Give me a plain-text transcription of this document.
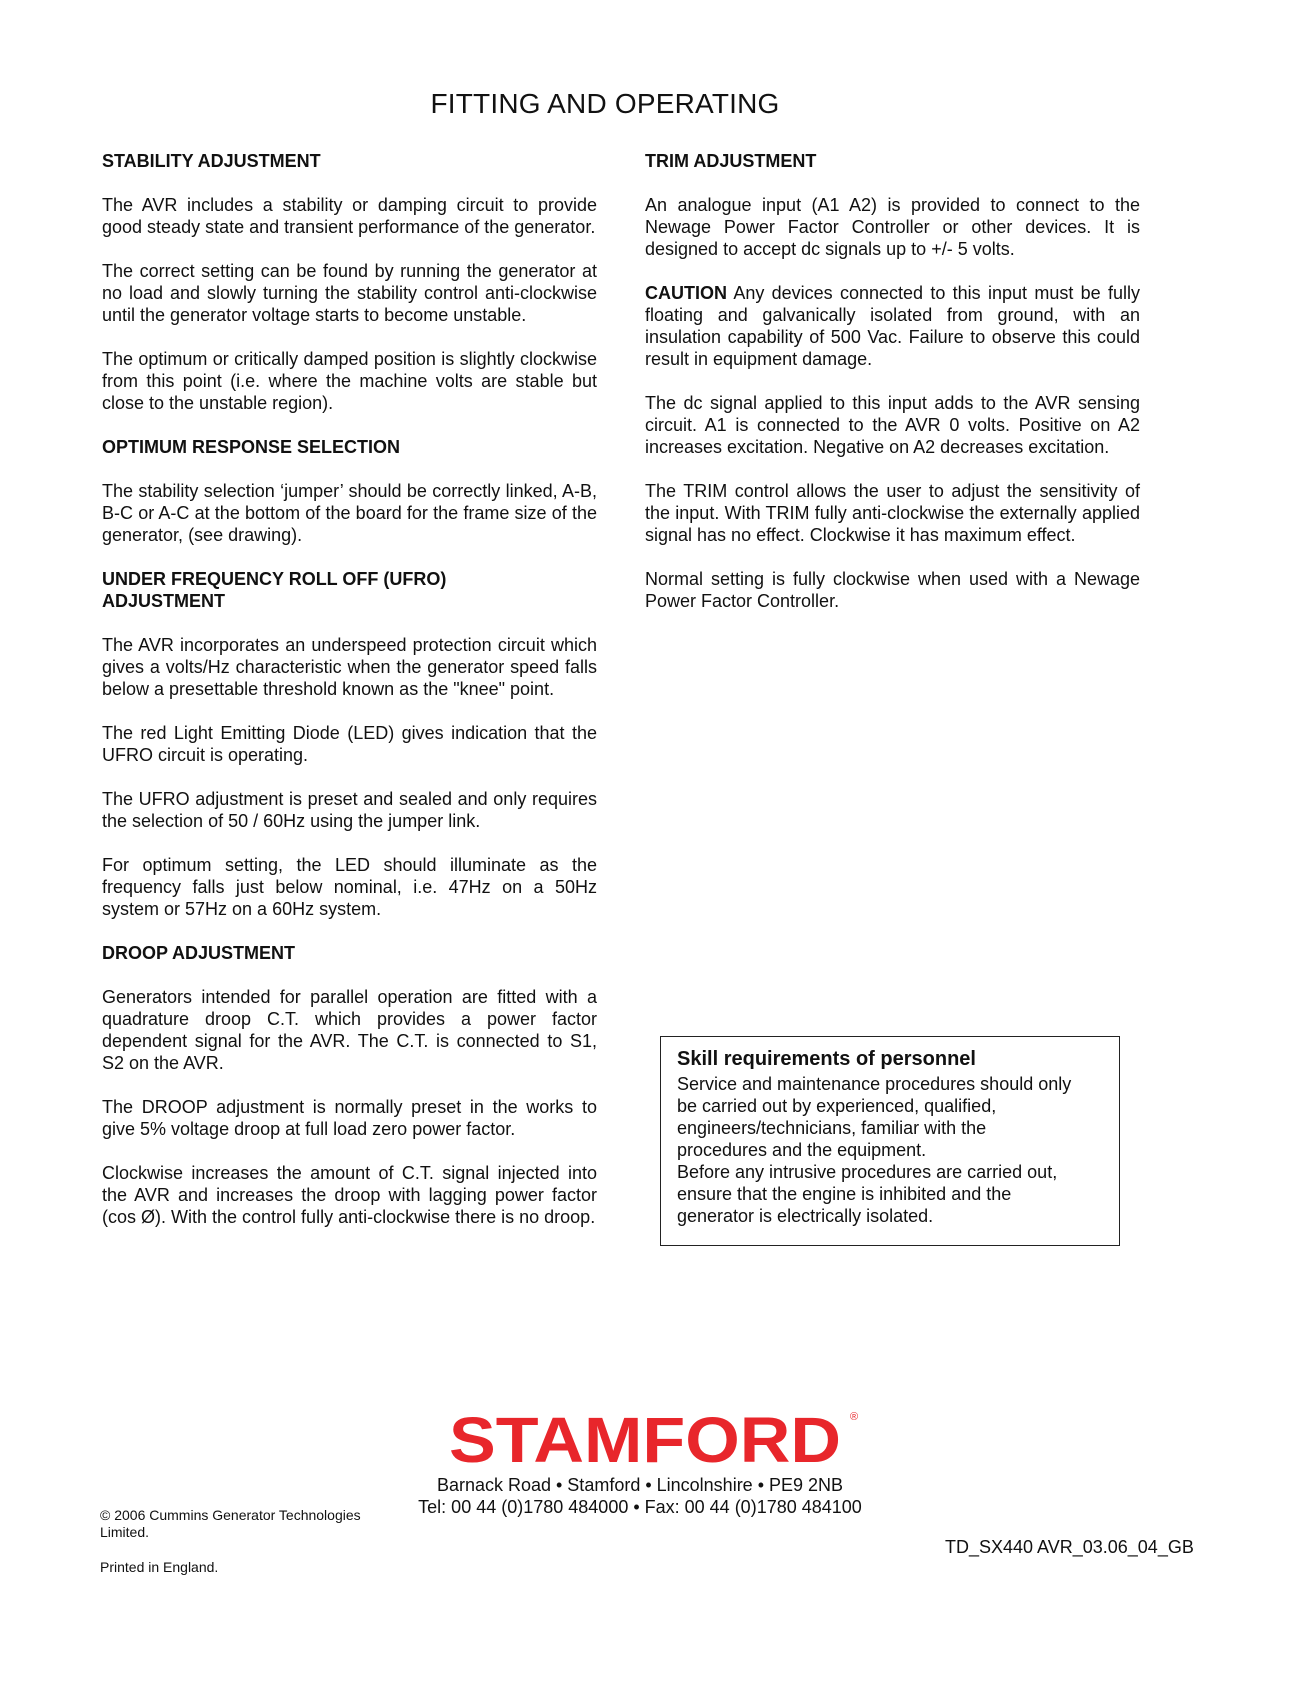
FITTING AND OPERATING
STABILITY ADJUSTMENT

The AVR includes a stability or damping circuit to provide good steady state and transient performance of the generator.

The correct setting can be found by running the generator at no load and slowly turning the stability control anti-clockwise until the generator voltage starts to become unstable.

The optimum or critically damped position is slightly clockwise from this point (i.e. where the machine volts are stable but close to the unstable region).

OPTIMUM RESPONSE SELECTION

The stability selection ‘jumper’ should be correctly linked, A-B, B-C or A-C at the bottom of the board for the frame size of the generator, (see drawing).

UNDER FREQUENCY ROLL OFF (UFRO)
ADJUSTMENT

The AVR incorporates an underspeed protection circuit which gives a volts/Hz characteristic when the generator speed falls below a presettable threshold known as the "knee" point.

The red Light Emitting Diode (LED) gives indication that the UFRO circuit is operating.

The UFRO adjustment is preset and sealed and only requires the selection of 50 / 60Hz using the jumper link.

For optimum setting, the LED should illuminate as the frequency falls just below nominal, i.e. 47Hz on a 50Hz system or 57Hz on a 60Hz system.

DROOP ADJUSTMENT

Generators intended for parallel operation are fitted with a quadrature droop C.T. which provides a power factor dependent signal for the AVR. The C.T. is connected to S1, S2 on the AVR.

The DROOP adjustment is normally preset in the works to give 5% voltage droop at full load zero power factor.

Clockwise increases the amount of C.T. signal injected into the AVR and increases the droop with lagging power factor (cos Ø). With the control fully anti-clockwise there is no droop.

TRIM ADJUSTMENT

An analogue input (A1 A2) is provided to connect to the Newage Power Factor Controller or other devices. It is designed to accept dc signals up to +/- 5 volts.

CAUTION Any devices connected to this input must be fully floating and galvanically isolated from ground, with an insulation capability of 500 Vac. Failure to observe this could result in equipment damage.

The dc signal applied to this input adds to the AVR sensing circuit. A1 is connected to the AVR 0 volts. Positive on A2 increases excitation. Negative on A2 decreases excitation.

The TRIM control allows the user to adjust the sensitivity of the input. With TRIM fully anti-clockwise the externally applied signal has no effect. Clockwise it has maximum effect.

Normal setting is fully clockwise when used with a Newage Power Factor Controller.

Skill requirements of personnel

Service and maintenance procedures should only

be carried out by experienced, qualified,

engineers/technicians, familiar with the

procedures and the equipment.

Before any intrusive procedures are carried out,

ensure that the engine is inhibited and the

generator is electrically isolated.

STAMFORD ®
Barnack Road • Stamford • Lincolnshire • PE9 2NB
Tel: 00 44 (0)1780 484000 • Fax: 00 44 (0)1780 484100
© 2006 Cummins Generator Technologies
Limited.
Printed in England.
TD_SX440 AVR_03.06_04_GB
